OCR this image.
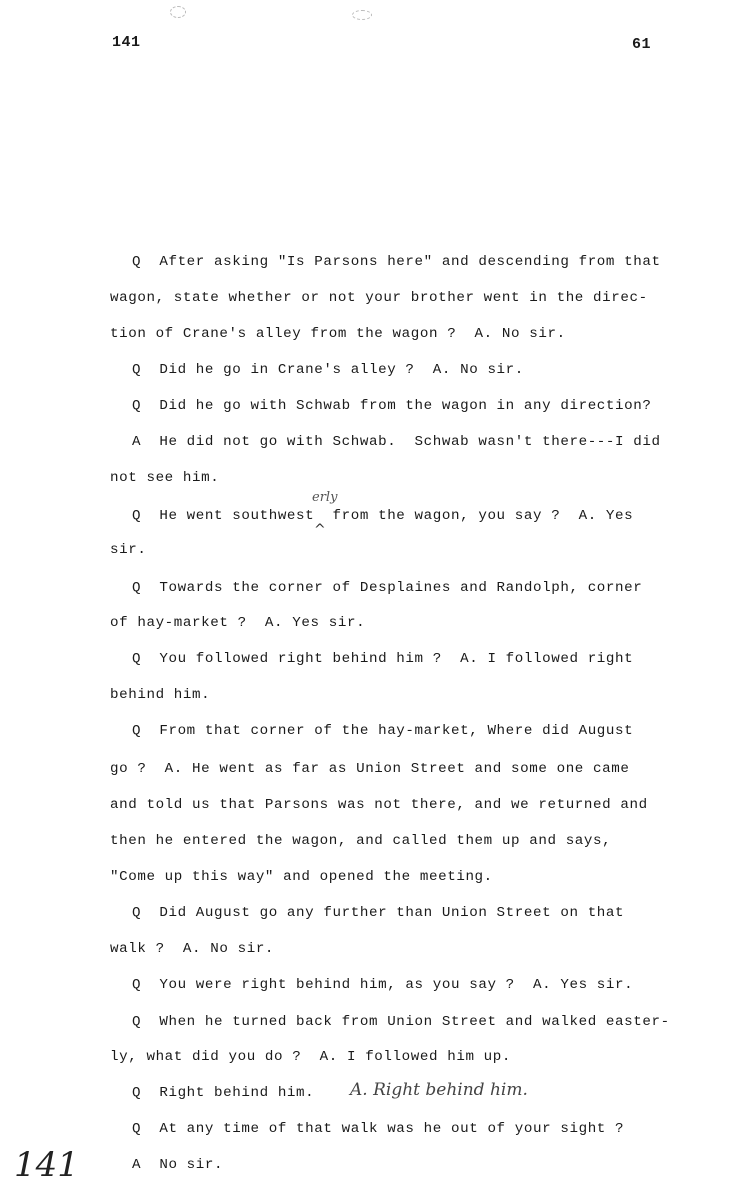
141	61
Q  After asking "Is Parsons here" and descending from that
wagon, state whether or not your brother went in the direc-
tion of Crane's alley from the wagon ?  A. No sir.
Q  Did he go in Crane's alley ?  A. No sir.
Q  Did he go with Schwab from the wagon in any direction?
A  He did not go with Schwab.  Schwab wasn't there---I did
not see him.
Q  He went southwest  from the wagon, you say ?  A. Yes
sir.
Q  Towards the corner of Desplaines and Randolph, corner
of hay-market ?  A. Yes sir.
Q  You followed right behind him ?  A. I followed right
behind him.
Q  From that corner of the hay-market, Where did August
go ?  A. He went as far as Union Street and some one came
and told us that Parsons was not there, and we returned and
then he entered the wagon, and called them up and says,
"Come up this way" and opened the meeting.
Q  Did August go any further than Union Street on that
walk ?  A. No sir.
Q  You were right behind him, as you say ?  A. Yes sir.
Q  When he turned back from Union Street and walked easter-
ly, what did you do ?  A. I followed him up.
Q  Right behind him.
Q  At any time of that walk was he out of your sight ?
A  No sir.
erly
^
A. Right behind him.
141
